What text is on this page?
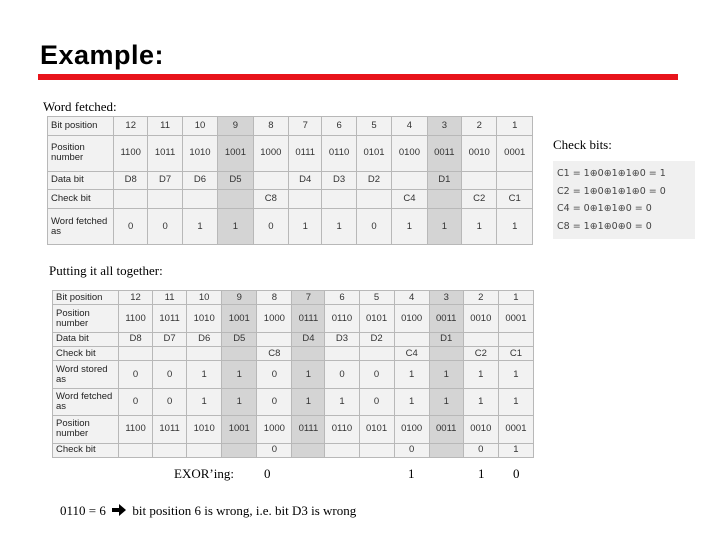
Example:
Word fetched:
Check bits:
Putting it all together:
Bit position	12	11	10	9	8	7	6	5	4	3	2	1
Position number	1100	1011	1010	1001	1000	0111	0110	0101	0100	0011	0010	0001
Data bit	D8	D7	D6	D5		D4	D3	D2		D1		
Check bit					C8				C4		C2	C1
Word fetched as	0	0	1	1	0	1	1	0	1	1	1	1
C1 = 1⊕0⊕1⊕1⊕0 = 1
C2 = 1⊕0⊕1⊕1⊕0 = 0
C4 = 0⊕1⊕1⊕0 = 0
C8 = 1⊕1⊕0⊕0 = 0
Bit position	12	11	10	9	8	7	6	5	4	3	2	1
Position number	1100	1011	1010	1001	1000	0111	0110	0101	0100	0011	0010	0001
Data bit	D8	D7	D6	D5		D4	D3	D2		D1		
Check bit					C8				C4		C2	C1
Word stored as	0	0	1	1	0	1	0	0	1	1	1	1
Word fetched as	0	0	1	1	0	1	1	0	1	1	1	1
Position number	1100	1011	1010	1001	1000	0111	0110	0101	0100	0011	0010	0001
Check bit					0				0		0	1
EXOR’ing: 0	1	1 0
0110 = 6 bit position 6 is wrong, i.e. bit D3 is wrong
